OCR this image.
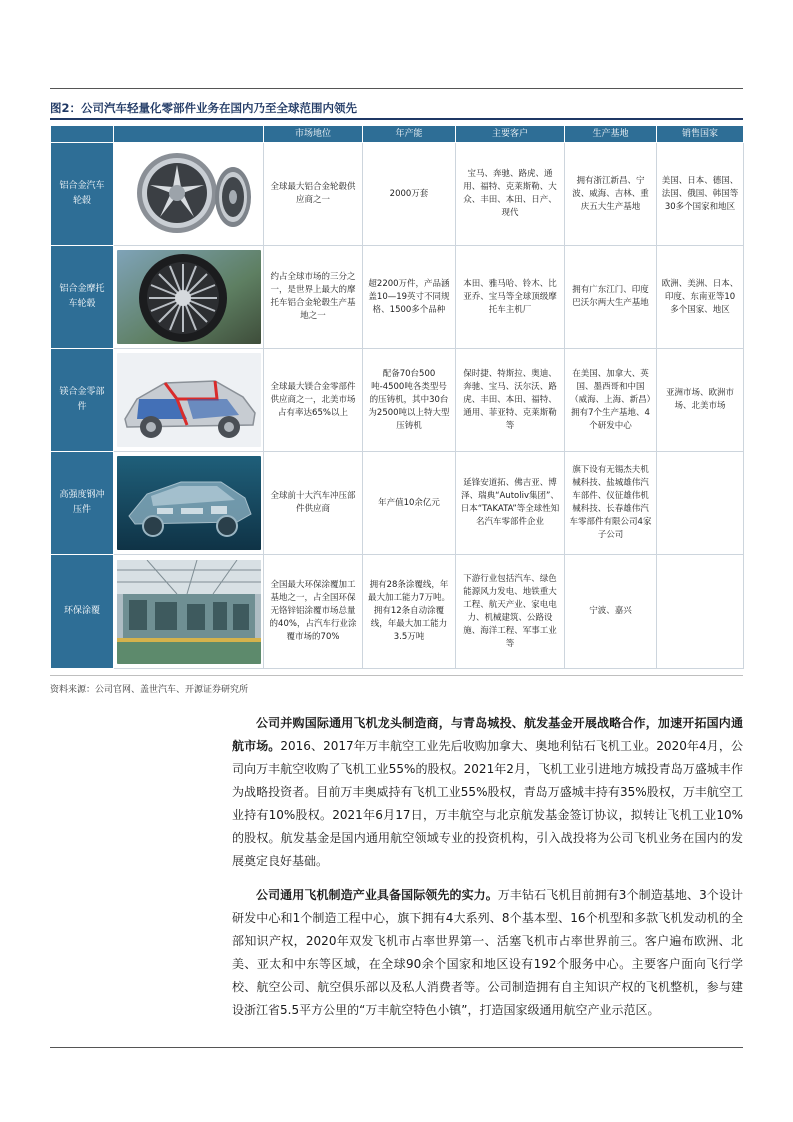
图2：公司汽车轻量化零部件业务在国内乃至全球范围内领先
		市场地位	年产能	主要客户	生产基地	销售国家
铝合金汽车轮毂		全球最大铝合金轮毂供应商之一	2000万套	宝马、奔驰、路虎、通用、福特、克莱斯勒、大众、丰田、本田、日产、现代	拥有浙江新昌、宁波、威海、吉林、重庆五大生产基地	美国、日本、德国、法国、俄国、韩国等30多个国家和地区
铝合金摩托车轮毂		约占全球市场的三分之一，是世界上最大的摩托车铝合金轮毂生产基地之一	超2200万件，产品涵盖10—19英寸不同规格、1500多个品种	本田、雅马哈、铃木、比亚乔、宝马等全球顶级摩托车主机厂	拥有广东江门、印度巴沃尔两大生产基地	欧洲、美洲、日本、印度、东南亚等10多个国家、地区
镁合金零部件		全球最大镁合金零部件供应商之一，北美市场占有率达65%以上	配备70台500吨-4500吨各类型号的压铸机，其中30台为2500吨以上特大型压铸机	保时捷、特斯拉、奥迪、奔驰、宝马、沃尔沃、路虎、丰田、本田、福特、通用、菲亚特、克莱斯勒等	在美国、加拿大、英国、墨西哥和中国（威海、上海、新昌）拥有7个生产基地、4个研发中心	亚洲市场、欧洲市场、北美市场
高强度钢冲压件		全球前十大汽车冲压部件供应商	年产值10余亿元	延锋安道拓、佛吉亚、博泽、瑞典“Autoliv集团”、日本“TAKATA”等全球性知名汽车零部件企业	旗下设有无锡杰夫机械科技、盐城雄伟汽车部件、仪征雄伟机械科技、长春雄伟汽车零部件有限公司4家子公司	
环保涂覆		全国最大环保涂覆加工基地之一，占全国环保无铬锌铝涂覆市场总量的40%，占汽车行业涂覆市场的70%	拥有28条涂覆线，年最大加工能力7万吨。拥有12条自动涂覆线，年最大加工能力3.5万吨	下游行业包括汽车、绿色能源风力发电、地铁重大工程、航天产业、家电电力、机械建筑、公路设施、海洋工程、军事工业等	宁波、嘉兴	
资料来源：公司官网、盖世汽车、开源证券研究所

公司并购国际通用飞机龙头制造商，与青岛城投、航发基金开展战略合作，加速开拓国内通航市场。2016、2017年万丰航空工业先后收购加拿大、奥地利钻石飞机工业。2020年4月，公司向万丰航空收购了飞机工业55%的股权。2021年2月，飞机工业引进地方城投青岛万盛城丰作为战略投资者。目前万丰奥威持有飞机工业55%股权，青岛万盛城丰持有35%股权，万丰航空工业持有10%股权。2021年6月17日，万丰航空与北京航发基金签订协议，拟转让飞机工业10%的股权。航发基金是国内通用航空领域专业的投资机构，引入战投将为公司飞机业务在国内的发展奠定良好基础。

公司通用飞机制造产业具备国际领先的实力。万丰钻石飞机目前拥有3个制造基地、3个设计研发中心和1个制造工程中心，旗下拥有4大系列、8个基本型、16个机型和多款飞机发动机的全部知识产权，2020年双发飞机市占率世界第一、活塞飞机市占率世界前三。客户遍布欧洲、北美、亚太和中东等区域，在全球90余个国家和地区设有192个服务中心。主要客户面向飞行学校、航空公司、航空俱乐部以及私人消费者等。公司制造拥有自主知识产权的飞机整机，参与建设浙江省5.5平方公里的“万丰航空特色小镇”，打造国家级通用航空产业示范区。
